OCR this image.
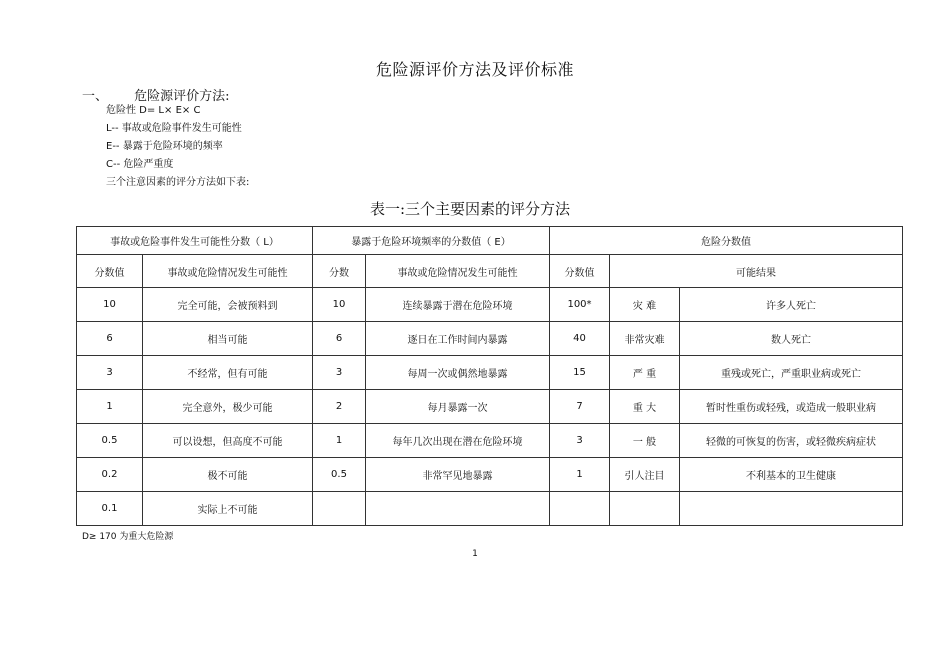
危险源评价方法及评价标准
一、 危险源评价方法:
危险性 D= L× E× C
L-- 事故或危险事件发生可能性
E-- 暴露于危险环境的频率
C-- 危险严重度
三个注意因素的评分方法如下表:
表一:三个主要因素的评分方法
事故或危险事件发生可能性分数（ L）		暴露于危险环境频率的分数值（ E）		危险分数值		
分数值	事故或危险情况发生可能性	分数	事故或危险情况发生可能性	分数值	可能结果	
10	完全可能，会被预料到	10	连续暴露于潜在危险环境	100*	灾 难	许多人死亡
6	相当可能	6	逐日在工作时间内暴露	40	非常灾难	数人死亡
3	不经常，但有可能	3	每周一次或偶然地暴露	15	严 重	重残或死亡，严重职业病或死亡
1	完全意外，极少可能	2	每月暴露一次	7	重 大	暂时性重伤或轻残，或造成一般职业病
0.5	可以设想，但高度不可能	1	每年几次出现在潜在危险环境	3	一 般	轻微的可恢复的伤害，或轻微疾病症状
0.2	极不可能	0.5	非常罕见地暴露	1	引人注目	不利基本的卫生健康
0.1	实际上不可能					
D≥ 170 为重大危险源
1
